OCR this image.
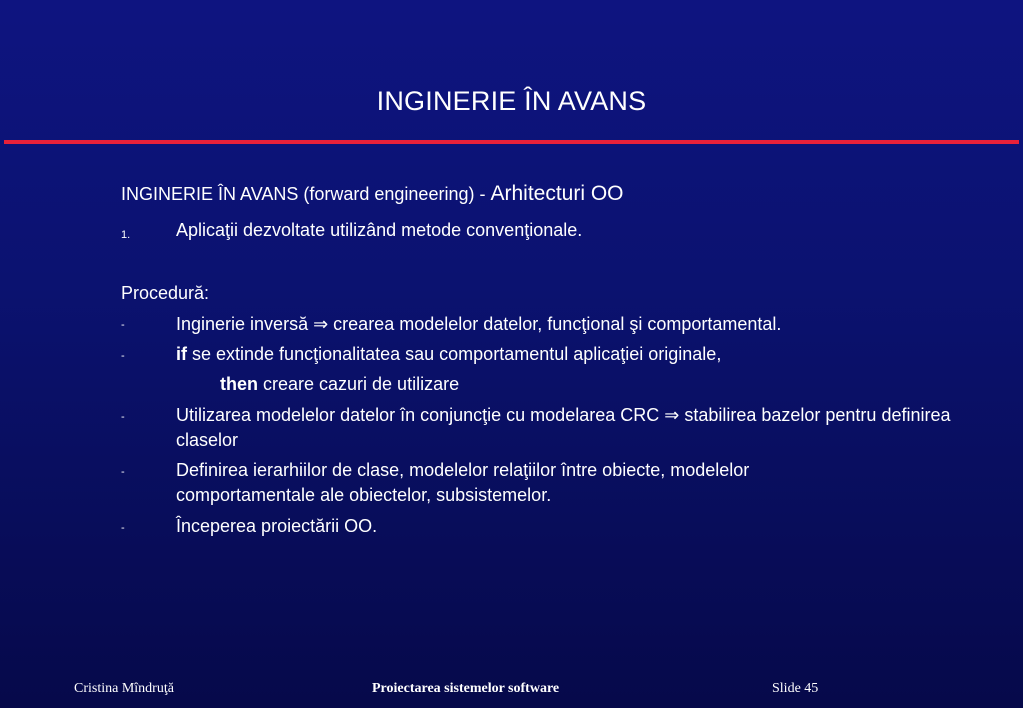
INGINERIE ÎN AVANS
INGINERIE ÎN AVANS (forward engineering) - Arhitecturi OO
1.	Aplicaţii dezvoltate utilizând metode convenţionale.
Procedură:
-	Inginerie inversă ⇒ crearea modelelor datelor, funcţional şi comportamental.
-	if se extinde funcţionalitatea sau comportamentul aplicaţiei originale,
then creare cazuri de utilizare
-	Utilizarea modelelor datelor în conjuncţie cu modelarea CRC ⇒ stabilirea bazelor pentru definirea claselor
-	Definirea ierarhiilor de clase, modelelor relaţiilor între obiecte, modelelor comportamentale ale obiectelor, subsistemelor.
-	Începerea proiectării OO.
Cristina Mîndruţă	Proiectarea sistemelor software	Slide 45
